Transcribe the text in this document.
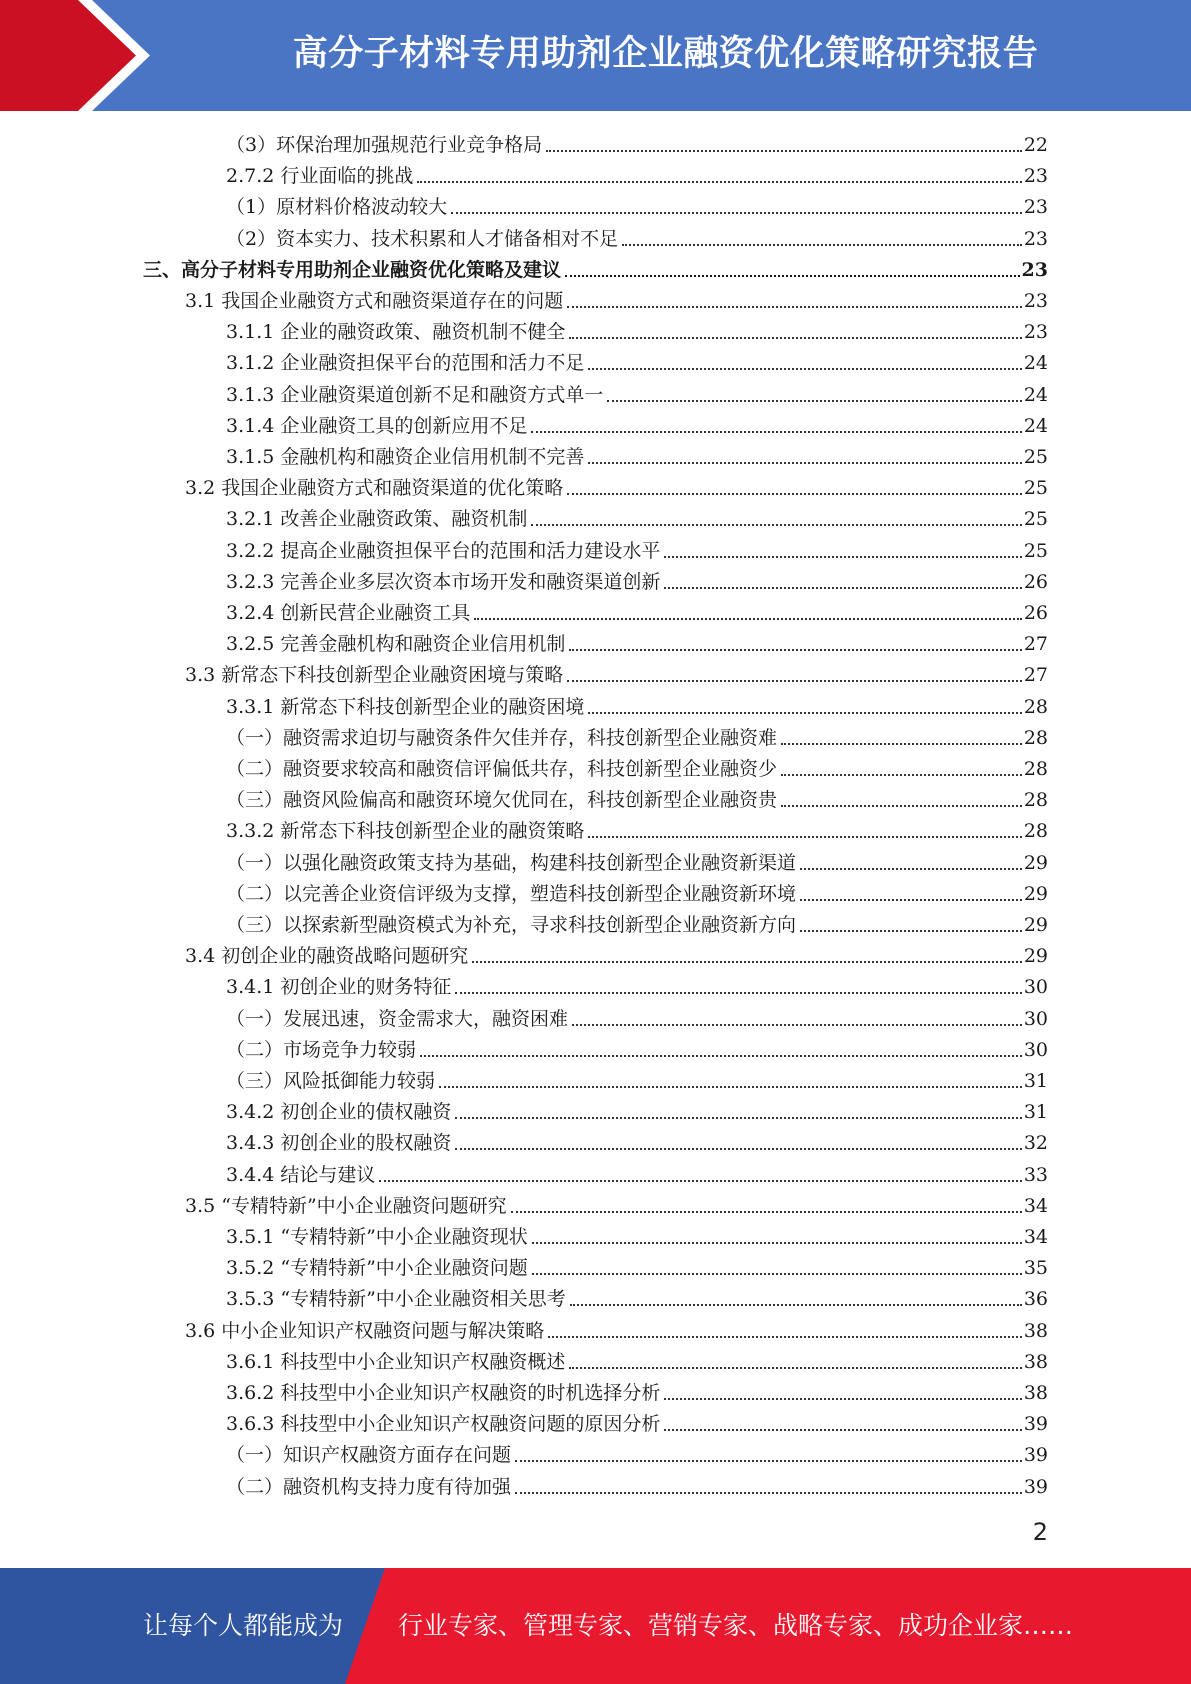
高分子材料专用助剂企业融资优化策略研究报告
（3）环保治理加强规范行业竞争格局	22
2.7.2 行业面临的挑战	23
（1）原材料价格波动较大	23
（2）资本实力、技术积累和人才储备相对不足	23
三、高分子材料专用助剂企业融资优化策略及建议	23
3.1 我国企业融资方式和融资渠道存在的问题	23
3.1.1 企业的融资政策、融资机制不健全	23
3.1.2 企业融资担保平台的范围和活力不足	24
3.1.3 企业融资渠道创新不足和融资方式单一	24
3.1.4 企业融资工具的创新应用不足	24
3.1.5 金融机构和融资企业信用机制不完善	25
3.2 我国企业融资方式和融资渠道的优化策略	25
3.2.1 改善企业融资政策、融资机制	25
3.2.2 提高企业融资担保平台的范围和活力建设水平	25
3.2.3 完善企业多层次资本市场开发和融资渠道创新	26
3.2.4 创新民营企业融资工具	26
3.2.5 完善金融机构和融资企业信用机制	27
3.3 新常态下科技创新型企业融资困境与策略	27
3.3.1 新常态下科技创新型企业的融资困境	28
（一）融资需求迫切与融资条件欠佳并存，科技创新型企业融资难	28
（二）融资要求较高和融资信评偏低共存，科技创新型企业融资少	28
（三）融资风险偏高和融资环境欠优同在，科技创新型企业融资贵	28
3.3.2 新常态下科技创新型企业的融资策略	28
（一）以强化融资政策支持为基础，构建科技创新型企业融资新渠道	29
（二）以完善企业资信评级为支撑，塑造科技创新型企业融资新环境	29
（三）以探索新型融资模式为补充，寻求科技创新型企业融资新方向	29
3.4 初创企业的融资战略问题研究	29
3.4.1 初创企业的财务特征	30
（一）发展迅速，资金需求大，融资困难	30
（二）市场竞争力较弱	30
（三）风险抵御能力较弱	31
3.4.2 初创企业的债权融资	31
3.4.3 初创企业的股权融资	32
3.4.4 结论与建议	33
3.5 “专精特新”中小企业融资问题研究	34
3.5.1 “专精特新”中小企业融资现状	34
3.5.2 “专精特新”中小企业融资问题	35
3.5.3 “专精特新”中小企业融资相关思考	36
3.6 中小企业知识产权融资问题与解决策略	38
3.6.1 科技型中小企业知识产权融资概述	38
3.6.2 科技型中小企业知识产权融资的时机选择分析	38
3.6.3 科技型中小企业知识产权融资问题的原因分析	39
（一）知识产权融资方面存在问题	39
（二）融资机构支持力度有待加强	39
2
让每个人都能成为 行业专家、管理专家、营销专家、战略专家、成功企业家……
